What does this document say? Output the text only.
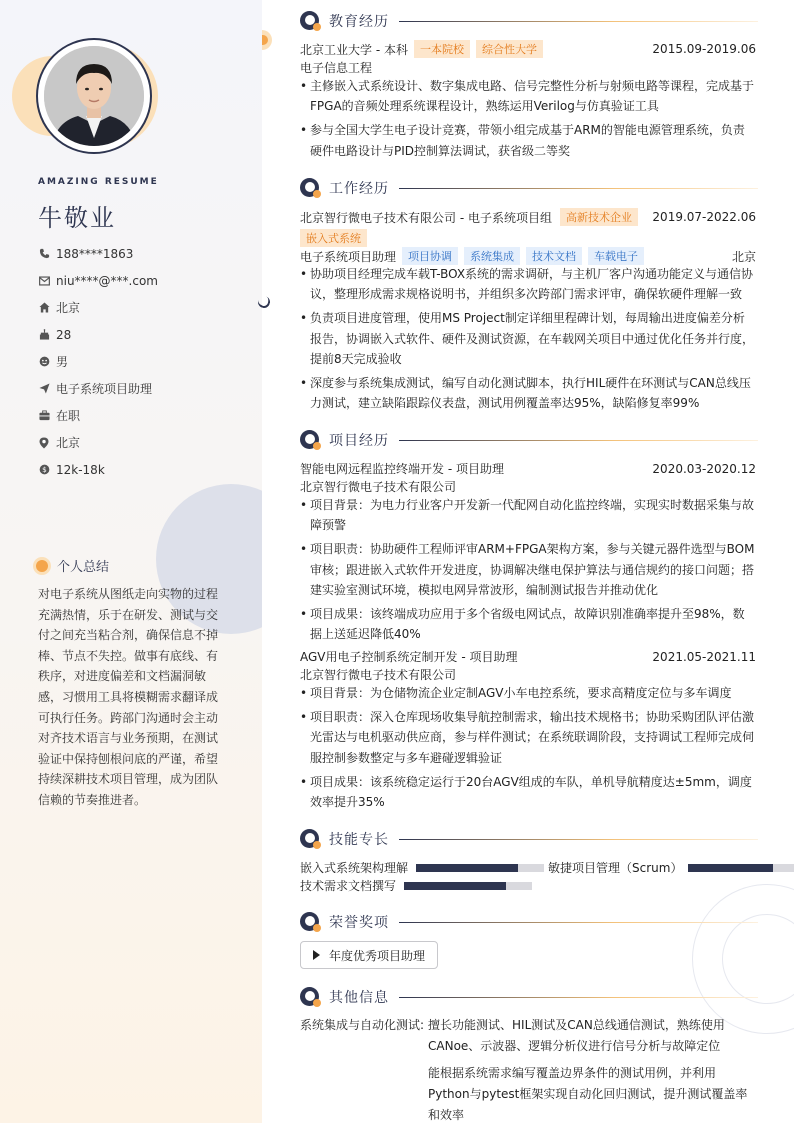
AMAZING RESUME
牛敬业
188****1863
niu****@***.com
北京
28
男
电子系统项目助理
在职
北京
$ 12k-18k
个人总结
对电子系统从图纸走向实物的过程充满热情，乐于在研发、测试与交付之间充当粘合剂，确保信息不掉棒、节点不失控。做事有底线、有秩序，对进度偏差和文档漏洞敏感，习惯用工具将模糊需求翻译成可执行任务。跨部门沟通时会主动对齐技术语言与业务预期，在测试验证中保持刨根问底的严谨，希望持续深耕技术项目管理，成为团队信赖的节奏推进者。
教育经历
北京工业大学 - 本科	一本院校	综合性大学	2015.09-2019.06
电子信息工程
• 主修嵌入式系统设计、数字集成电路、信号完整性分析与射频电路等课程，完成基于FPGA的音频处理系统课程设计，熟练运用Verilog与仿真验证工具
• 参与全国大学生电子设计竞赛，带领小组完成基于ARM的智能电源管理系统，负责硬件电路设计与PID控制算法调试，获省级二等奖
工作经历
北京智行微电子技术有限公司 - 电子系统项目组	高新技术企业	2019.07-2022.06
嵌入式系统
电子系统项目助理	项目协调	系统集成	技术文档	车载电子	北京
• 协助项目经理完成车载T-BOX系统的需求调研，与主机厂客户沟通功能定义与通信协议，整理形成需求规格说明书，并组织多次跨部门需求评审，确保软硬件理解一致
• 负责项目进度管理，使用MS Project制定详细里程碑计划，每周输出进度偏差分析报告，协调嵌入式软件、硬件及测试资源，在车载网关项目中通过优化任务并行度，提前8天完成验收
• 深度参与系统集成测试，编写自动化测试脚本，执行HIL硬件在环测试与CAN总线压力测试，建立缺陷跟踪仪表盘，测试用例覆盖率达95%，缺陷修复率99%
项目经历
智能电网远程监控终端开发 - 项目助理	2020.03-2020.12
北京智行微电子技术有限公司
• 项目背景：为电力行业客户开发新一代配网自动化监控终端，实现实时数据采集与故障预警
• 项目职责：协助硬件工程师评审ARM+FPGA架构方案，参与关键元器件选型与BOM审核；跟进嵌入式软件开发进度，协调解决继电保护算法与通信规约的接口问题；搭建实验室测试环境，模拟电网异常波形，编制测试报告并推动优化
• 项目成果：该终端成功应用于多个省级电网试点，故障识别准确率提升至98%，数据上送延迟降低40%
AGV用电子控制系统定制开发 - 项目助理	2021.05-2021.11
北京智行微电子技术有限公司
• 项目背景：为仓储物流企业定制AGV小车电控系统，要求高精度定位与多车调度
• 项目职责：深入仓库现场收集导航控制需求，输出技术规格书；协助采购团队评估激光雷达与电机驱动供应商，参与样件测试；在系统联调阶段，支持调试工程师完成伺服控制参数整定与多车避碰逻辑验证
• 项目成果：该系统稳定运行于20台AGV组成的车队，单机导航精度达±5mm，调度效率提升35%
技能专长
嵌入式系统架构理解	敏捷项目管理（Scrum）
技术需求文档撰写
荣誉奖项
年度优秀项目助理
其他信息
系统集成与自动化测试: 擅长功能测试、HIL测试及CAN总线通信测试，熟练使用CANoe、示波器、逻辑分析仪进行信号分析与故障定位
能根据系统需求编写覆盖边界条件的测试用例，并利用Python与pytest框架实现自动化回归测试，提升测试覆盖率和效率
